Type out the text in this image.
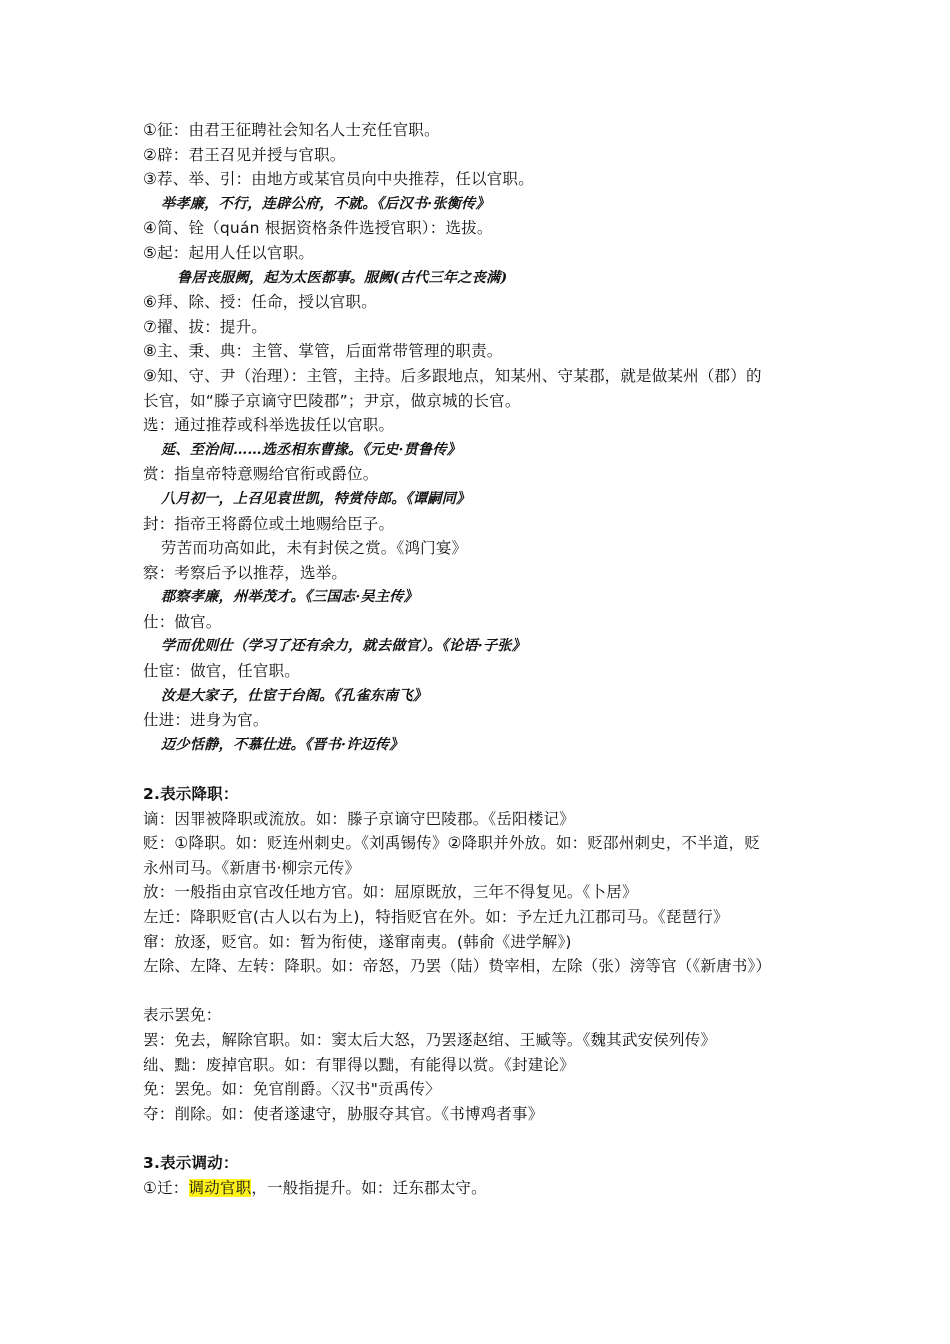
①征：由君王征聘社会知名人士充任官职。
②辟：君王召见并授与官职。
③荐、举、引：由地方或某官员向中央推荐，任以官职。
举孝廉，不行，连辟公府，不就。《后汉书·张衡传》
④简、铨（quán 根据资格条件选授官职）：选拔。
⑤起：起用人任以官职。
鲁居丧服阙，起为太医都事。服阙(古代三年之丧满)
⑥拜、除、授：任命，授以官职。
⑦擢、拔：提升。
⑧主、秉、典：主管、掌管，后面常带管理的职责。
⑨知、守、尹（治理）：主管，主持。后多跟地点，知某州、守某郡，就是做某州（郡）的
长官，如“滕子京谪守巴陵郡”；尹京，做京城的长官。
选：通过推荐或科举选拔任以官职。
延、至治间……选丞相东曹掾。《元史·贯鲁传》
赏：指皇帝特意赐给官衔或爵位。
八月初一，上召见袁世凯，特赏侍郎。《谭嗣同》
封：指帝王将爵位或土地赐给臣子。
劳苦而功高如此，未有封侯之赏。《鸿门宴》
察：考察后予以推荐，选举。
郡察孝廉，州举茂才。《三国志·吴主传》
仕：做官。
学而优则仕（学习了还有余力，就去做官）。《论语·子张》
仕宦：做官，任官职。
汝是大家子，仕宦于台阁。《孔雀东南飞》
仕进：进身为官。
迈少恬静，不慕仕进。《晋书·许迈传》
2.表示降职：
谪：因罪被降职或流放。如：滕子京谪守巴陵郡。《岳阳楼记》
贬：①降职。如：贬连州刺史。《刘禹锡传》②降职并外放。如：贬邵州刺史，不半道，贬
永州司马。《新唐书·柳宗元传》
放：一般指由京官改任地方官。如：屈原既放，三年不得复见。《卜居》
左迁：降职贬官(古人以右为上)，特指贬官在外。如：予左迁九江郡司马。《琵琶行》
窜：放逐，贬官。如：暂为衔使，遂窜南夷。(韩俞《进学解》)
左除、左降、左转：降职。如：帝怒，乃罢（陆）贽宰相，左除（张）滂等官（《新唐书》）
表示罢免：
罢：免去，解除官职。如：窦太后大怒，乃罢逐赵绾、王臧等。《魏其武安侯列传》
绌、黜：废掉官职。如：有罪得以黜，有能得以赏。《封建论》
免：罢免。如：免官削爵。〈汉书"贡禹传〉
夺：削除。如：使者遂逮守，胁服夺其官。《书博鸡者事》
3.表示调动：
①迁：调动官职，一般指提升。如：迁东郡太守。
